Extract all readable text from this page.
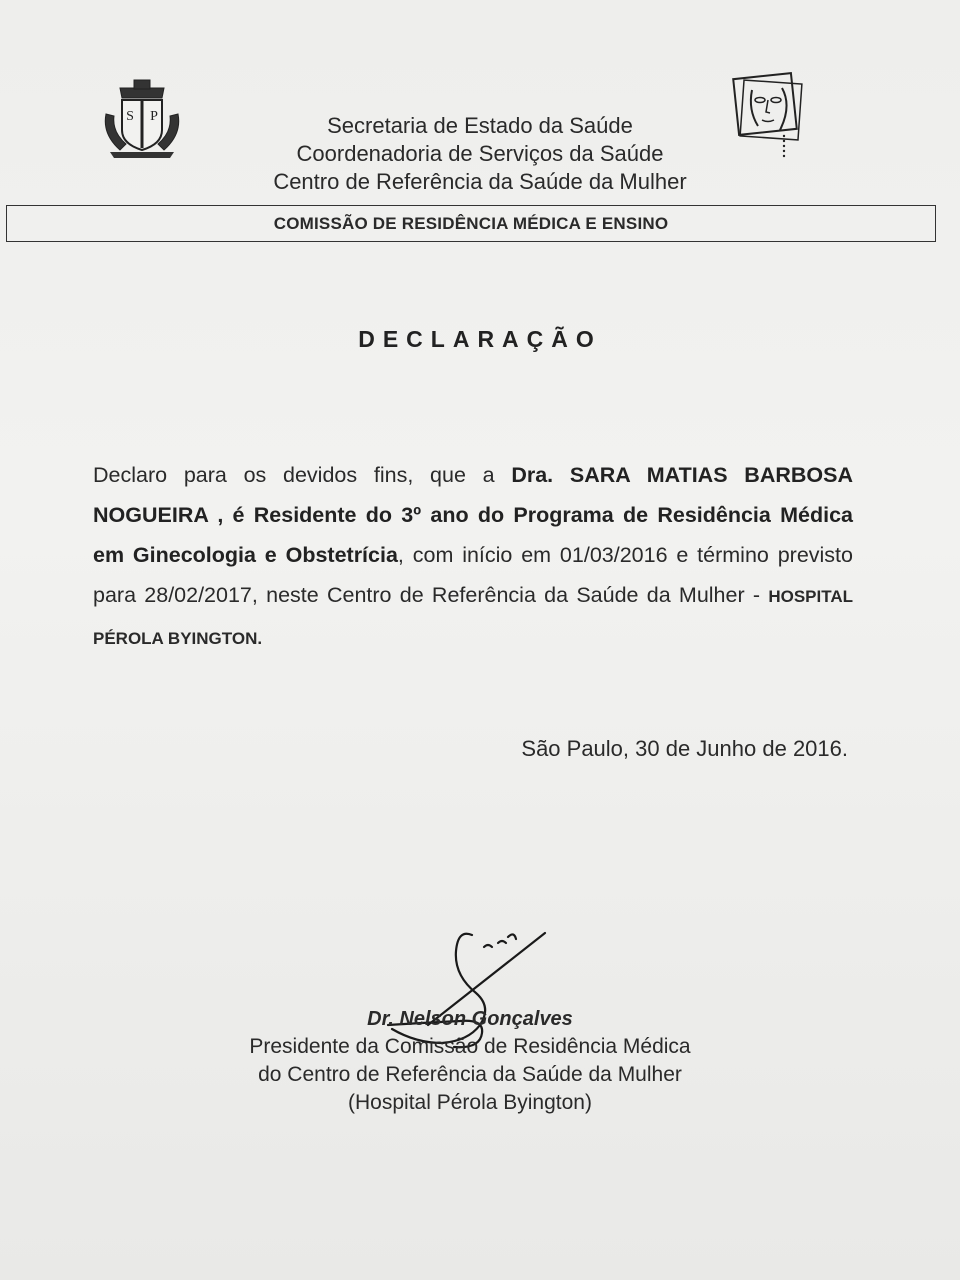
S P	Secretaria de Estado da Saúde
Coordenadoria de Serviços da Saúde
Centro de Referência da Saúde da Mulher
COMISSÃO DE RESIDÊNCIA MÉDICA E ENSINO
DECLARAÇÃO
Declaro para os devidos fins, que a Dra. SARA MATIAS BARBOSA NOGUEIRA , é Residente do 3º ano do Programa de Residência Médica em Ginecologia e Obstetrícia, com início em 01/03/2016 e término previsto para 28/02/2017, neste Centro de Referência da Saúde da Mulher - HOSPITAL PÉROLA BYINGTON.
São Paulo, 30 de Junho de 2016.
Dr. Nelson Gonçalves
Presidente da Comissão de Residência Médica
do Centro de Referência da Saúde da Mulher
(Hospital Pérola Byington)
